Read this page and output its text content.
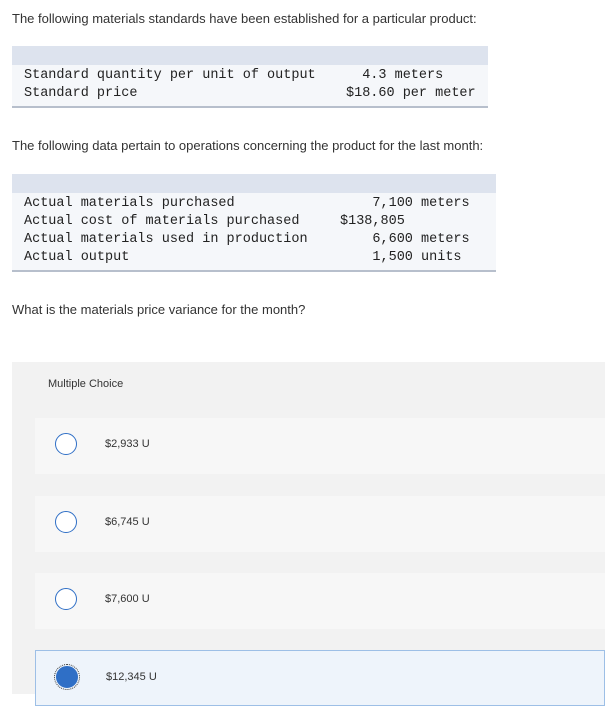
The following materials standards have been established for a particular product:
Standard quantity per unit of output	4.3 meters
Standard price	$18.60 per meter
The following data pertain to operations concerning the product for the last month:
Actual materials purchased	7,100 meters
Actual cost of materials purchased	$138,805
Actual materials used in production	6,600 meters
Actual output	1,500 units
What is the materials price variance for the month?
Multiple Choice
$2,933 U
$6,745 U
$7,600 U
$12,345 U
